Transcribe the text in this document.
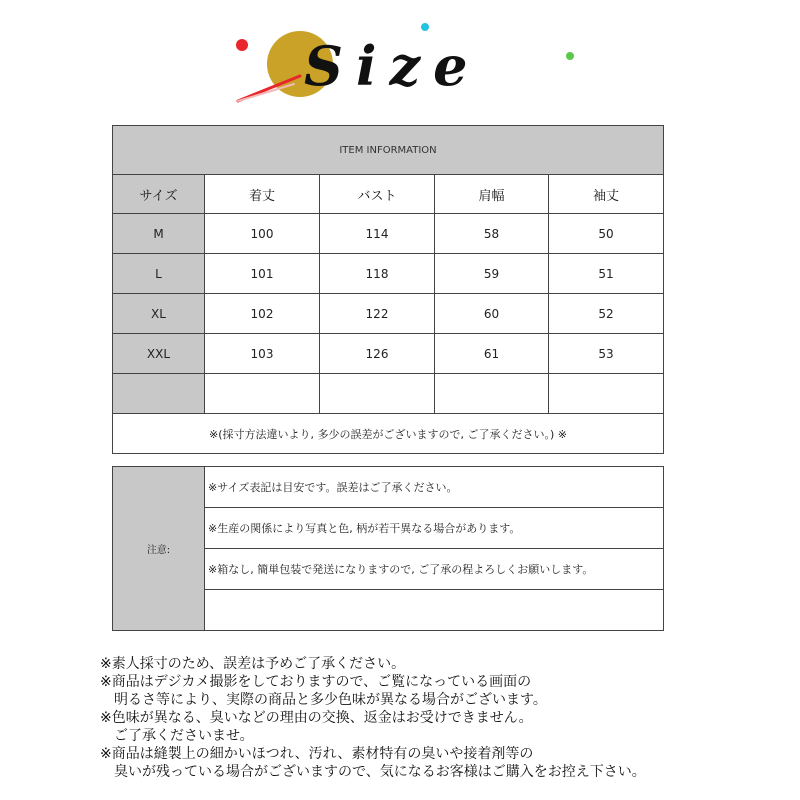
Size
ITEM INFORMATION				
サイズ	着丈	バスト	肩幅	袖丈
M	100	114	58	50
L	101	118	59	51
XL	102	122	60	52
XXL	103	126	61	53

※(採寸方法違いより, 多少の誤差がございますので, ご了承ください。) ※				
注意:	※サイズ表記は目安です。誤差はご了承ください。
※生産の関係により写真と色, 柄が若干異なる場合があります。
※箱なし, 簡単包装で発送になりますので, ご了承の程よろしくお願いします。

※素人採寸のため、誤差は予めご了承ください。
※商品はデジカメ撮影をしておりますので、ご覧になっている画面の
　明るさ等により、実際の商品と多少色味が異なる場合がございます。
※色味が異なる、臭いなどの理由の交換、返金はお受けできません。
　ご了承くださいませ。
※商品は縫製上の細かいほつれ、汚れ、素材特有の臭いや接着剤等の
　臭いが残っている場合がございますので、気になるお客様はご購入をお控え下さい。
